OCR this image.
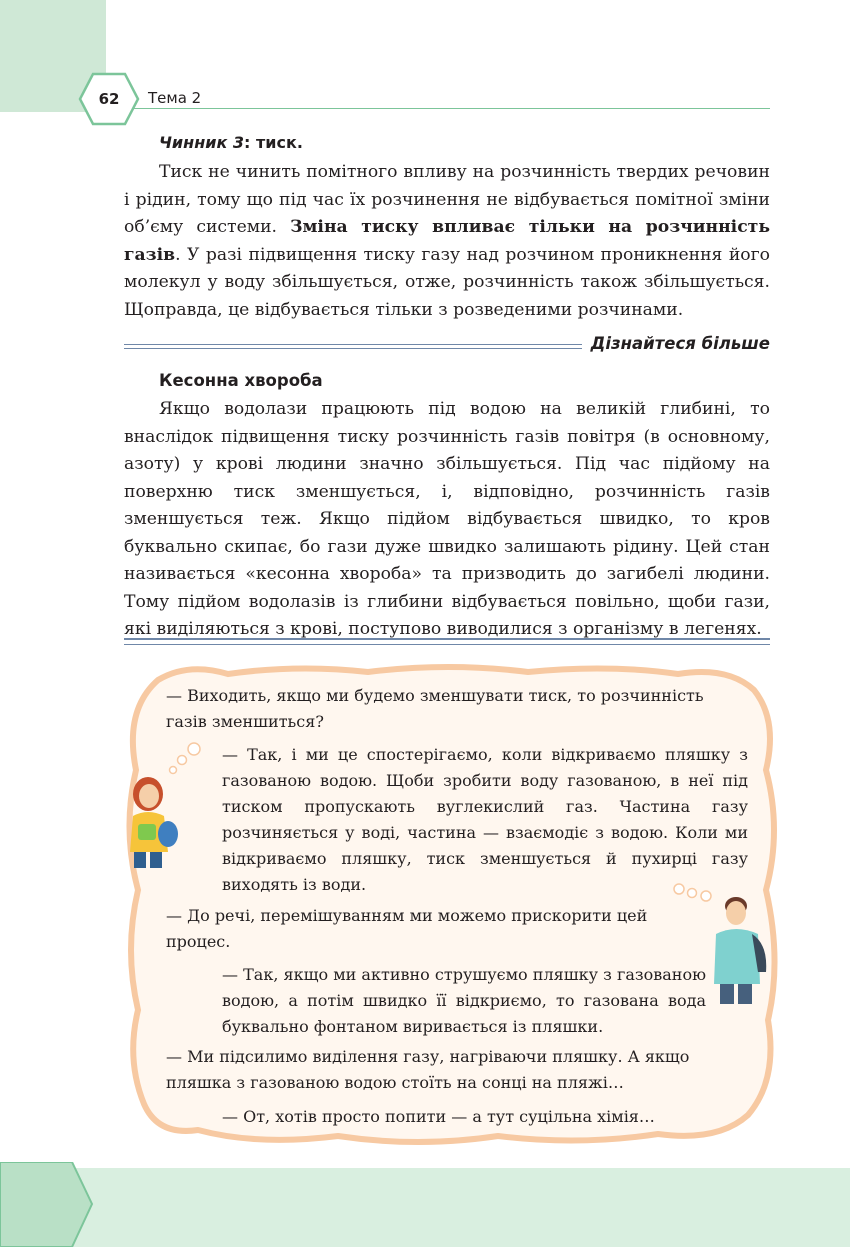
62	Тема 2
Чинник 3: тиск.

Тиск не чинить помітного впливу на розчинність твердих речовин і рідин, тому що під час їх розчинення не відбувається помітної зміни об’єму системи. Зміна тиску впливає тільки на розчинність газів. У разі підвищення тиску газу над розчином проникнення його молекул у воду збільшується, отже, розчинність також збільшується. Щоправда, це відбувається тільки з розведеними розчинами.

Дізнайтеся більше
Кесонна хвороба

Якщо водолази працюють під водою на великій глибині, то внаслідок підвищення тиску розчинність газів повітря (в основному, азоту) у крові людини значно збільшується. Під час підйому на поверхню тиск зменшується, і, відповідно, розчинність газів зменшується теж. Якщо підйом відбувається швидко, то кров буквально скипає, бо гази дуже швидко залишають рідину. Цей стан називається «кесонна хвороба» та призводить до загибелі людини. Тому підйом водолазів із глибини відбувається повільно, щоби гази, які виділяються з крові, поступово виводилися з організму в легенях.

— Виходить, якщо ми будемо зменшувати тиск, то розчинність газів зменшиться?

— Так, і ми це спостерігаємо, коли відкриваємо пляшку з газованою водою. Щоби зробити воду газованою, в неї під тиском пропускають вуглекислий газ. Частина газу розчиняється у воді, частина — взаємодіє з водою. Коли ми відкриваємо пляшку, тиск зменшується й пухирці газу виходять із води.

— До речі, перемішуванням ми можемо прискорити цей процес.

— Так, якщо ми активно струшуємо пляшку з газованою водою, а потім швидко її відкриємо, то газована вода буквально фонтаном виривається із пляшки.

— Ми підсилимо виділення газу, нагріваючи пляшку. А якщо пляшка з газованою водою стоїть на сонці на пляжі…

— От, хотів просто попити — а тут суцільна хімія…
